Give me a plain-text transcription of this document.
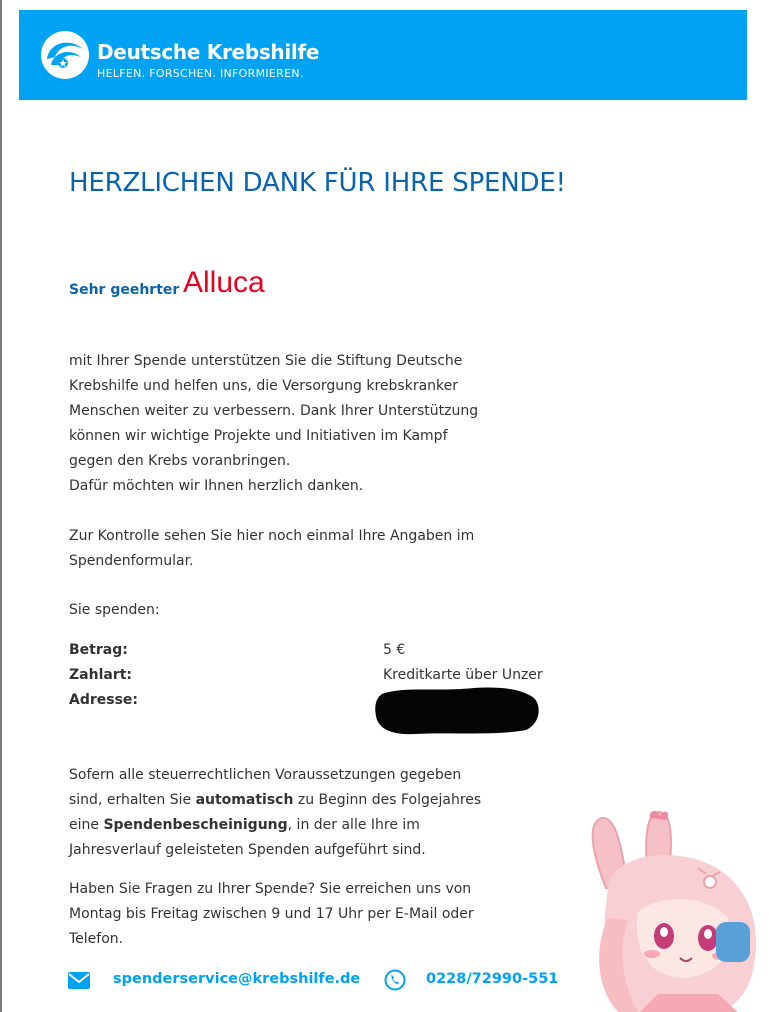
Deutsche Krebshilfe
HELFEN. FORSCHEN. INFORMIEREN.
HERZLICHEN DANK FÜR IHRE SPENDE!
Sehr geehrter Alluca
mit Ihrer Spende unterstützen Sie die Stiftung Deutsche
Krebshilfe und helfen uns, die Versorgung krebskranker
Menschen weiter zu verbessern. Dank Ihrer Unterstützung
können wir wichtige Projekte und Initiativen im Kampf
gegen den Krebs voranbringen.
Dafür möchten wir Ihnen herzlich danken.
Zur Kontrolle sehen Sie hier noch einmal Ihre Angaben im
Spendenformular.
Sie spenden:
Betrag:	5 €
Zahlart:	Kreditkarte über Unzer
Adresse:
Sofern alle steuerrechtlichen Voraussetzungen gegeben
sind, erhalten Sie automatisch zu Beginn des Folgejahres
eine Spendenbescheinigung, in der alle Ihre im
Jahresverlauf geleisteten Spenden aufgeführt sind.
Haben Sie Fragen zu Ihrer Spende? Sie erreichen uns von
Montag bis Freitag zwischen 9 und 17 Uhr per E-Mail oder
Telefon.
spenderservice@krebshilfe.de	0228/72990-551
